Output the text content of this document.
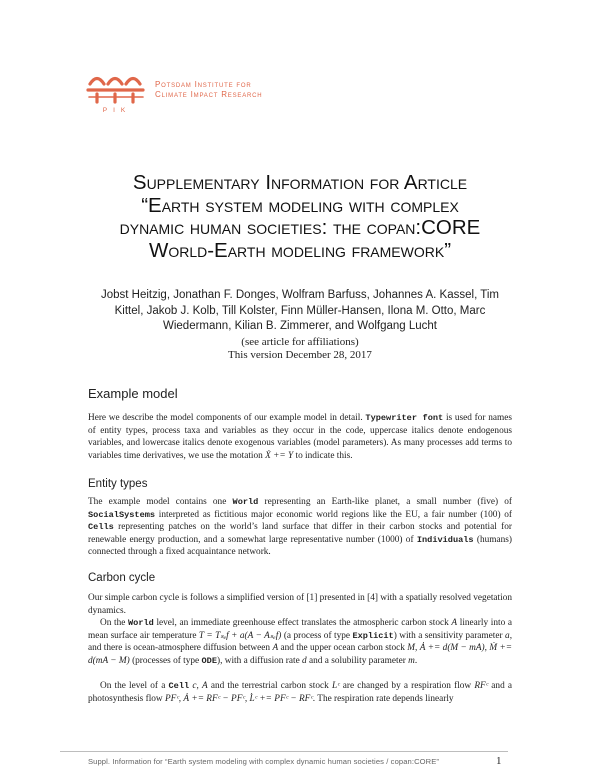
PIK
Potsdam Institute for
Climate Impact Research
Supplementary Information for Article
“Earth system modeling with complex
dynamic human societies: the copan:CORE
World-Earth modeling framework”
Jobst Heitzig, Jonathan F. Donges, Wolfram Barfuss, Johannes A. Kassel, Tim
Kittel, Jakob J. Kolb, Till Kolster, Finn Müller-Hansen, Ilona M. Otto, Marc
Wiedermann, Kilian B. Zimmerer, and Wolfgang Lucht
(see article for affiliations)
This version December 28, 2017
Example model
Here we describe the model components of our example model in detail. Typewriter font is used for names of entity types, process taxa and variables as they occur in the code, uppercase italics denote endogenous variables, and lowercase italics denote exogenous variables (model parameters). As many processes add terms to variables time derivatives, we use the motation Ẋ += Y to indicate this.
Entity types
The example model contains one World representing an Earth-like planet, a small number (five) of SocialSystems interpreted as fictitious major economic world regions like the EU, a fair number (100) of Cells representing patches on the world’s land surface that differ in their carbon stocks and potential for renewable energy production, and a somewhat large representative number (1000) of Individuals (humans) connected through a fixed acquaintance network.
Carbon cycle
Our simple carbon cycle is follows a simplified version of [1] presented in [4] with a spatially resolved vegetation dynamics.
On the World level, an immediate greenhouse effect translates the atmospheric carbon stock A linearly into a mean surface air temperature T = Tₛₑf + a(A − Aₛₑf) (a process of type Explicit) with a sensitivity parameter a, and there is ocean-atmosphere diffusion between A and the upper ocean carbon stock M, Ȧ += d(M − mA), Ṁ += d(mA − M) (processes of type ODE), with a diffusion rate d and a solubility parameter m.
On the level of a Cell c, A and the terrestrial carbon stock Lᶜ are changed by a respiration flow RFᶜ and a photosynthesis flow PFᶜ, Ȧ += RFᶜ − PFᶜ, L̇ᶜ += PFᶜ − RFᶜ. The respiration rate depends linearly
Suppl. Information for “Earth system modeling with complex dynamic human societies / copan:CORE”	1
